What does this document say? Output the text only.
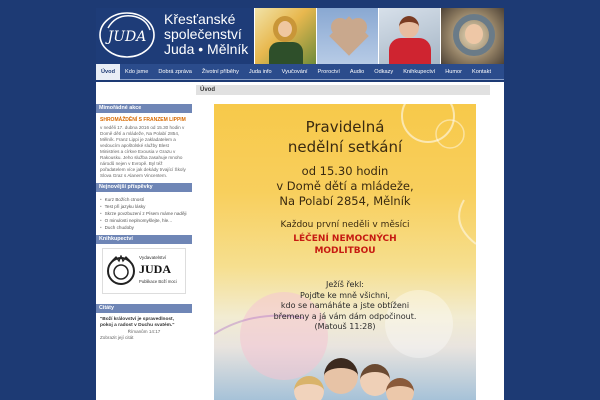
JUDA
Křesťanské
společenství
Juda • Mělník
Úvod	Kdo jsme	Dobrá zpráva	Životní příběhy	Juda info	Vyučování	Proroctví	Audio	Odkazy	Knihkupectví	Humor	Kontakt
Mimořádné akce
SHROMÁŽDĚNÍ S FRANZEM LIPPIM
v neděli 17. dubna 2016 od 15.30 hodin v Domě dětí a mládeže, Na Polabí 2854, Mělník. Franz Lippi je zakladatelem a vedoucím apoštolské služby Blest Ministries a církve Exousia v Grazu v Rakousku. Jeho služba zasahuje mnoho národů nejen v Evropě. Byl též pořadatelem více jak dekády trvající Školy Slova Graz s Alanem Vincentem.
Nejnovější příspěvky
• Kurz Božích ctností
• Test při jazyku lásky
• Skrze povzbuzení z Písem máme naději
• O minulosti neplnomyšlejte, hle...
• Duch chudoby
Knihkupectví
Vydavatelství
JUDA
Publikace Boží moci
Citáty
"Boží království je spravedlnost, pokoj a radost v Duchu svatém."
Římanům 14:17
Zobrazit její citát
Úvod
Pravidelná
nedělní setkání
od 15.30 hodin
v Domě dětí a mládeže,
Na Polabí 2854, Mělník
Každou první neděli v měsíci
LÉČENÍ NEMOCNÝCH
MODLITBOU
Ježíš řekl:
Pojďte ke mně všichni,
kdo se namáháte a jste obtíženi
břemeny a já vám dám odpočinout.
(Matouš 11:28)
